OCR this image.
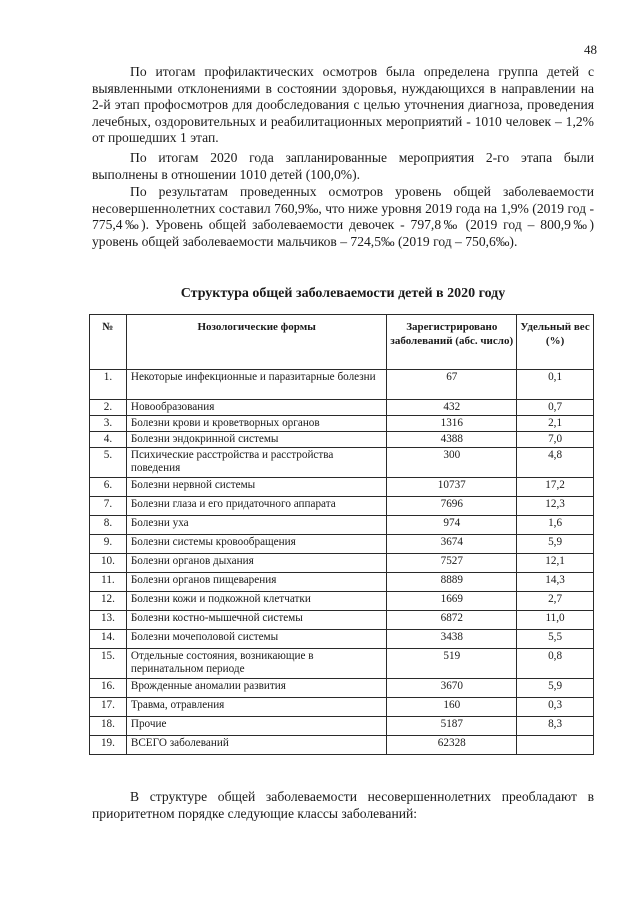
48

По итогам профилактических осмотров была определена группа детей с выявленными отклонениями в состоянии здоровья, нуждающихся в направлении на 2-й этап профосмотров для дообследования с целью уточнения диагноза, проведения лечебных, оздоровительных и реабилитационных мероприятий - 1010 человек – 1,2% от прошедших 1 этап.

По итогам 2020 года запланированные мероприятия 2-го этапа были выполнены в отношении 1010 детей (100,0%).

По результатам проведенных осмотров уровень общей заболеваемости несовершеннолетних составил 760,9‰, что ниже уровня 2019 года на 1,9% (2019 год - 775,4‰). Уровень общей заболеваемости девочек - 797,8‰ (2019 год – 800,9‰) уровень общей заболеваемости мальчиков – 724,5‰ (2019 год – 750,6‰).

Структура общей заболеваемости детей в 2020 году
№	Нозологические формы	Зарегистрировано заболеваний (абс. число)	Удельный вес (%)
1.	Некоторые инфекционные и паразитарные болезни	67	0,1
2.	Новообразования	432	0,7
3.	Болезни крови и кроветворных органов	1316	2,1
4.	Болезни эндокринной системы	4388	7,0
5.	Психические расстройства и расстройства поведения	300	4,8
6.	Болезни нервной системы	10737	17,2
7.	Болезни глаза и его придаточного аппарата	7696	12,3
8.	Болезни уха	974	1,6
9.	Болезни системы кровообращения	3674	5,9
10.	Болезни органов дыхания	7527	12,1
11.	Болезни органов пищеварения	8889	14,3
12.	Болезни кожи и подкожной клетчатки	1669	2,7
13.	Болезни костно-мышечной системы	6872	11,0
14.	Болезни мочеполовой системы	3438	5,5
15.	Отдельные состояния, возникающие в перинатальном периоде	519	0,8
16.	Врожденные аномалии развития	3670	5,9
17.	Травма, отравления	160	0,3
18.	Прочие	5187	8,3
19.	ВСЕГО заболеваний	62328	

В структуре общей заболеваемости несовершеннолетних преобладают в приоритетном порядке следующие классы заболеваний:
